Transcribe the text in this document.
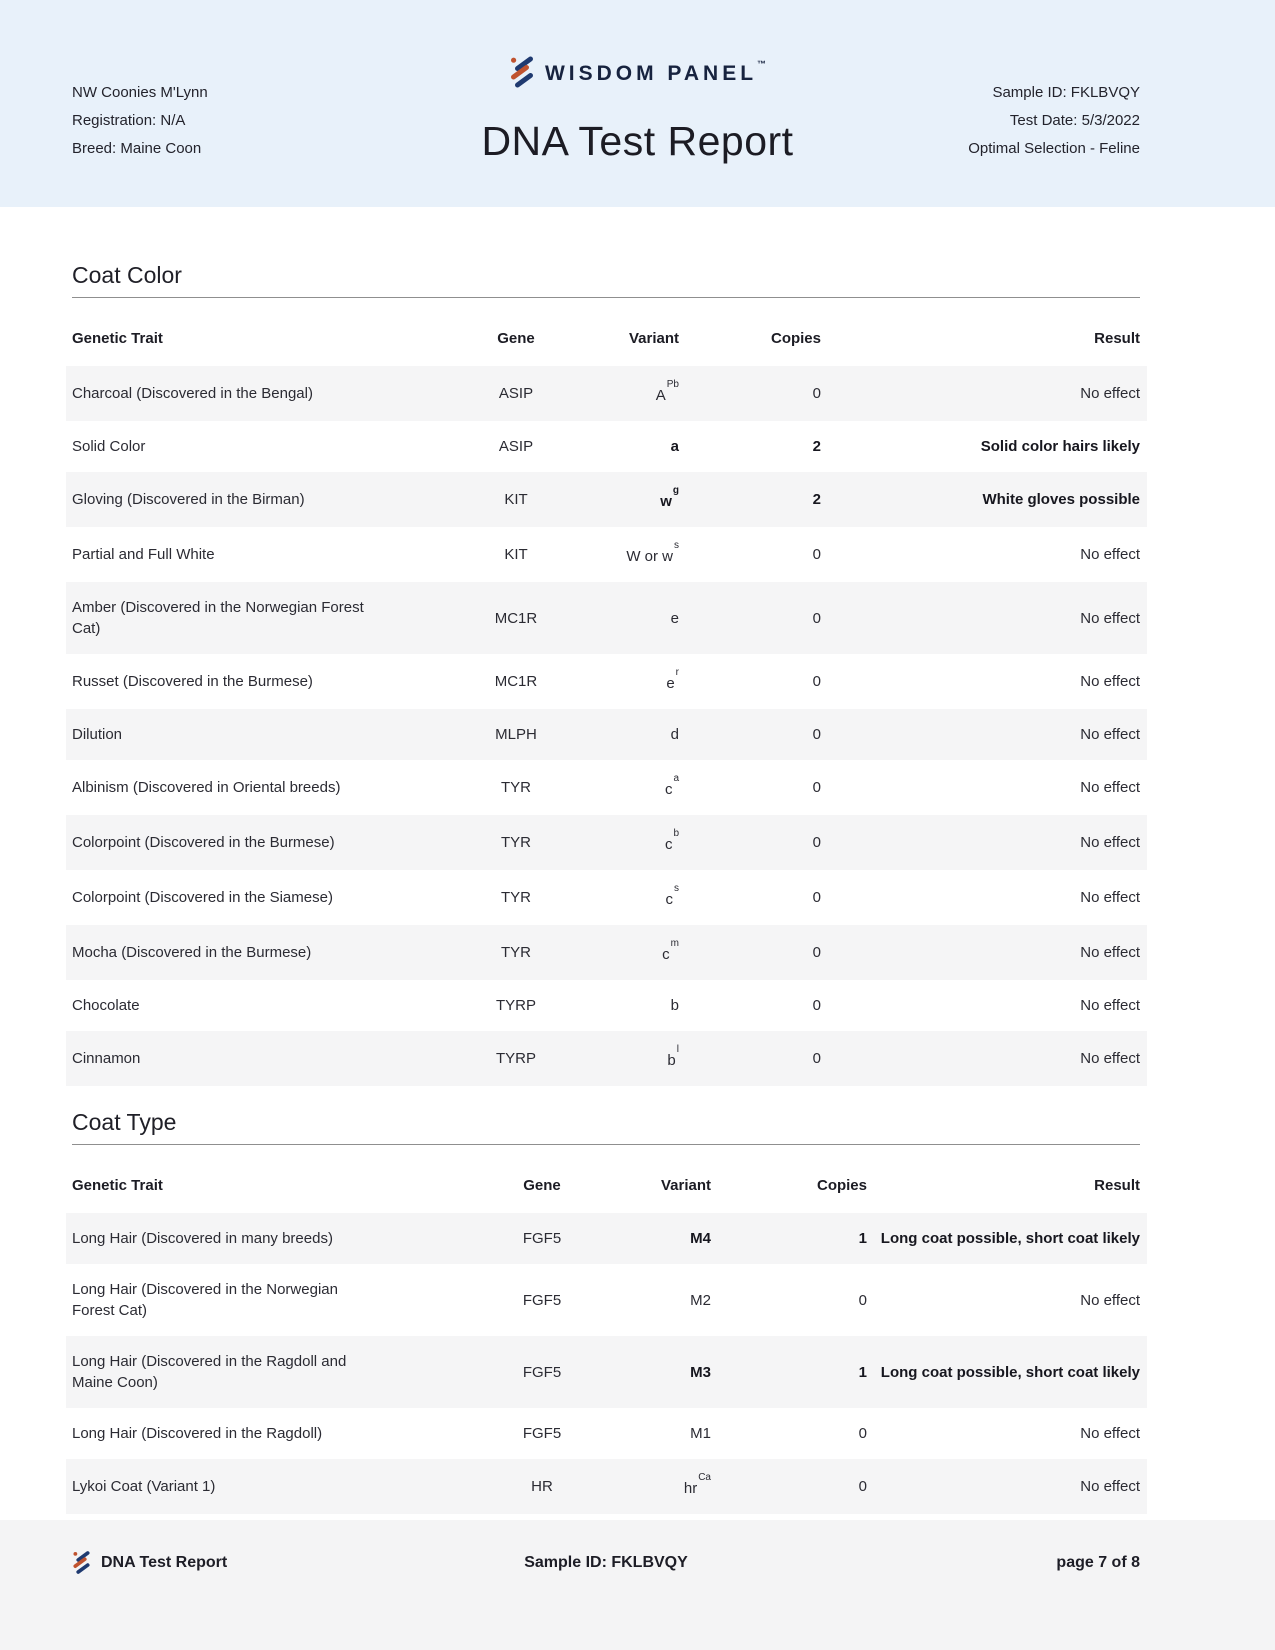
NW Coonies M'Lynn
Registration: N/A
Breed: Maine Coon
WISDOM PANEL™
DNA Test Report
Sample ID: FKLBVQY
Test Date: 5/3/2022
Optimal Selection - Feline
Coat Color
Genetic Trait	Gene	Variant	Copies	Result
Charcoal (Discovered in the Bengal)	ASIP	$A^{Pb}$	0	No effect
Solid Color	ASIP	a	2	Solid color hairs likely
Gloving (Discovered in the Birman)	KIT	$w^g$	2	White gloves possible
Partial and Full White	KIT	W or $w^s$	0	No effect
Amber (Discovered in the Norwegian Forest Cat)	MC1R	e	0	No effect
Russet (Discovered in the Burmese)	MC1R	$e^r$	0	No effect
Dilution	MLPH	d	0	No effect
Albinism (Discovered in Oriental breeds)	TYR	$c^a$	0	No effect
Colorpoint (Discovered in the Burmese)	TYR	$c^b$	0	No effect
Colorpoint (Discovered in the Siamese)	TYR	$c^s$	0	No effect
Mocha (Discovered in the Burmese)	TYR	$c^m$	0	No effect
Chocolate	TYRP	b	0	No effect
Cinnamon	TYRP	$b^l$	0	No effect
Coat Type
Genetic Trait	Gene	Variant	Copies	Result
Long Hair (Discovered in many breeds)	FGF5	M4	1	Long coat possible, short coat likely
Long Hair (Discovered in the Norwegian Forest Cat)	FGF5	M2	0	No effect
Long Hair (Discovered in the Ragdoll and Maine Coon)	FGF5	M3	1	Long coat possible, short coat likely
Long Hair (Discovered in the Ragdoll)	FGF5	M1	0	No effect
Lykoi Coat (Variant 1)	HR	$hr^{Ca}$	0	No effect

DNA Test Report	Sample ID: FKLBVQY	page 7 of 8
